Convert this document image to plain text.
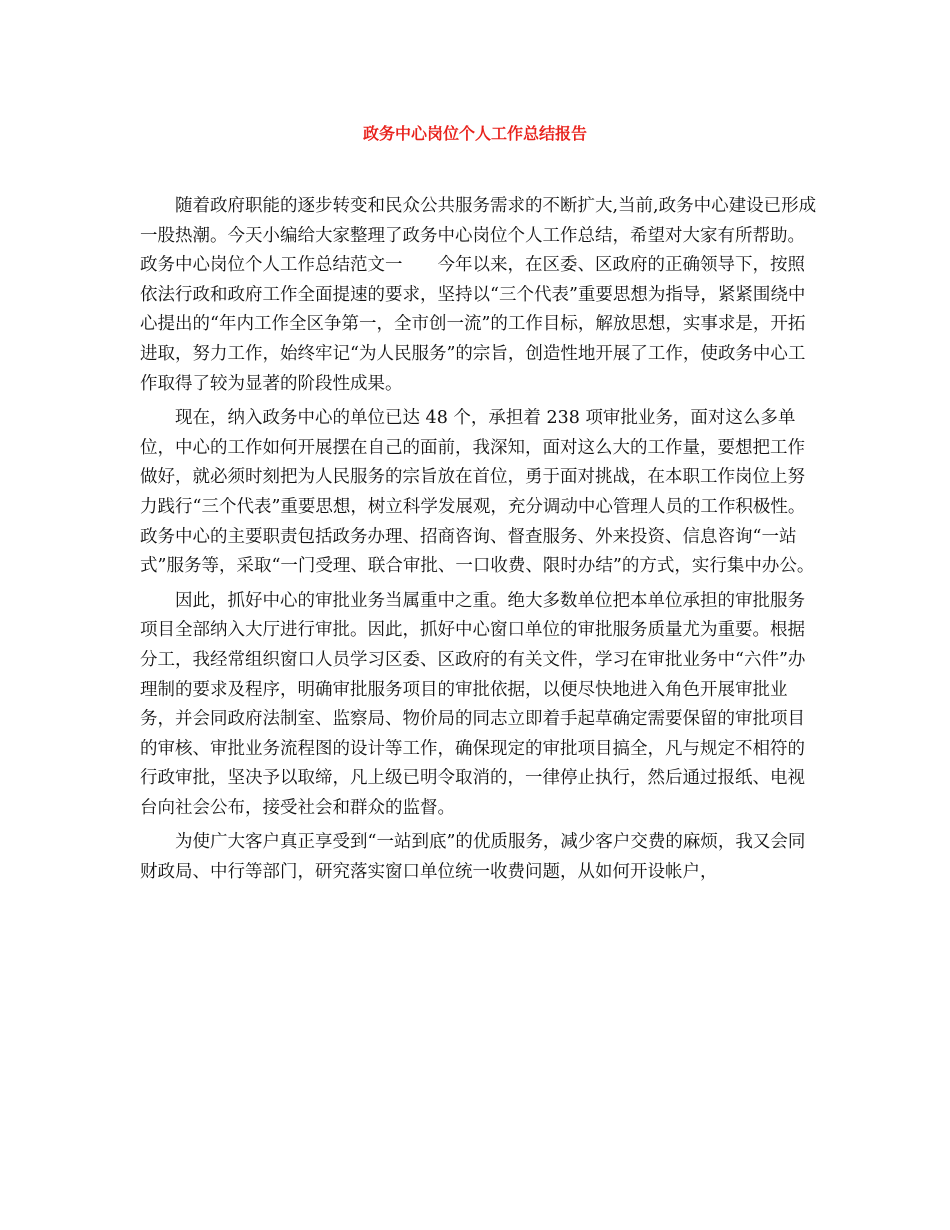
政务中心岗位个人工作总结报告

随着政府职能的逐步转变和民众公共服务需求的不断扩大,当前,政务中心建设已形成一股热潮。今天小编给大家整理了政务中心岗位个人工作总结，希望对大家有所帮助。

政务中心岗位个人工作总结范文一　　今年以来，在区委、区政府的正确领导下，按照依法行政和政府工作全面提速的要求，坚持以“三个代表”重要思想为指导，紧紧围绕中心提出的“年内工作全区争第一，全市创一流”的工作目标，解放思想，实事求是，开拓进取，努力工作，始终牢记“为人民服务”的宗旨，创造性地开展了工作，使政务中心工作取得了较为显著的阶段性成果。

现在，纳入政务中心的单位已达 48 个，承担着 238 项审批业务，面对这么多单位，中心的工作如何开展摆在自己的面前，我深知，面对这么大的工作量，要想把工作做好，就必须时刻把为人民服务的宗旨放在首位，勇于面对挑战，在本职工作岗位上努力践行“三个代表”重要思想，树立科学发展观，充分调动中心管理人员的工作积极性。 政务中心的主要职责包括政务办理、招商咨询、督查服务、外来投资、信息咨询“一站式”服务等，采取“一门受理、联合审批、一口收费、限时办结”的方式，实行集中办公。

因此，抓好中心的审批业务当属重中之重。绝大多数单位把本单位承担的审批服务项目全部纳入大厅进行审批。因此，抓好中心窗口单位的审批服务质量尤为重要。根据分工，我经常组织窗口人员学习区委、区政府的有关文件，学习在审批业务中“六件”办理制的要求及程序，明确审批服务项目的审批依据，以便尽快地进入角色开展审批业务，并会同政府法制室、监察局、物价局的同志立即着手起草确定需要保留的审批项目的审核、审批业务流程图的设计等工作，确保现定的审批项目搞全，凡与规定不相符的行政审批，坚决予以取缔，凡上级已明令取消的，一律停止执行，然后通过报纸、电视台向社会公布，接受社会和群众的监督。

为使广大客户真正享受到“一站到底”的优质服务，减少客户交费的麻烦，我又会同财政局、中行等部门，研究落实窗口单位统一收费问题，从如何开设帐户，
